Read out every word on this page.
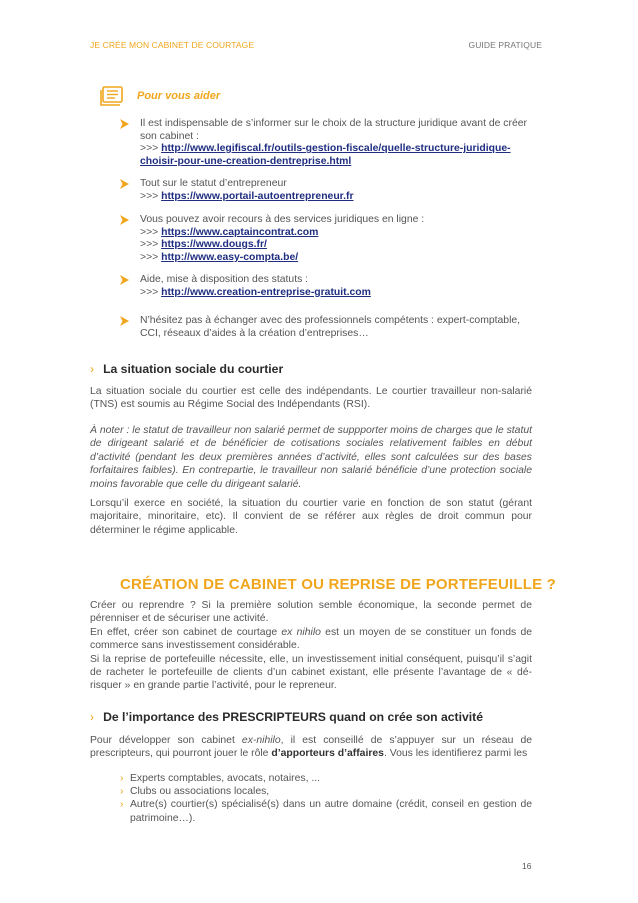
JE CRÉE MON CABINET DE COURTAGE	GUIDE PRATIQUE
Pour vous aider
Il est indispensable de s’informer sur le choix de la structure juridique avant de créer son cabinet :
>>> http://www.legifiscal.fr/outils-gestion-fiscale/quelle-structure-juridique-choisir-pour-une-creation-dentreprise.html
Tout sur le statut d’entrepreneur
>>> https://www.portail-autoentrepreneur.fr
Vous pouvez avoir recours à des services juridiques en ligne :
>>> https://www.captaincontrat.com
>>> https://www.dougs.fr/
>>> http://www.easy-compta.be/
Aide, mise à disposition des statuts :
>>> http://www.creation-entreprise-gratuit.com
N’hésitez pas à échanger avec des professionnels compétents : expert-comptable, CCI, réseaux d’aides à la création d’entreprises…
› La situation sociale du courtier
La situation sociale du courtier est celle des indépendants. Le courtier travailleur non-salarié (TNS) est soumis au Régime Social des Indépendants (RSI).
À noter : le statut de travailleur non salarié permet de suppporter moins de charges que le statut de dirigeant salarié et de bénéficier de cotisations sociales relativement faibles en début d’activité (pendant les deux premières années d’activité, elles sont calculées sur des bases forfaitaires faibles). En contrepartie, le travailleur non salarié bénéficie d’une protection sociale moins favorable que celle du dirigeant salarié.
Lorsqu’il exerce en société, la situation du courtier varie en fonction de son statut (gérant majoritaire, minoritaire, etc). Il convient de se référer aux règles de droit commun pour déterminer le régime applicable.
CRÉATION DE CABINET OU REPRISE DE PORTEFEUILLE ?
Créer ou reprendre ? Si la première solution semble économique, la seconde permet de pérenniser et de sécuriser une activité.
En effet, créer son cabinet de courtage ex nihilo est un moyen de se constituer un fonds de commerce sans investissement considérable.
Si la reprise de portefeuille nécessite, elle, un investissement initial conséquent, puisqu’il s’agit de racheter le portefeuille de clients d’un cabinet existant, elle présente l’avantage de « dé-risquer » en grande partie l’activité, pour le repreneur.
› De l’importance des PRESCRIPTEURS quand on crée son activité
Pour développer son cabinet ex-nihilo, il est conseillé de s’appuyer sur un réseau de prescripteurs, qui pourront jouer le rôle d’apporteurs d’affaires. Vous les identifierez parmi les
› Experts comptables, avocats, notaires, ...
› Clubs ou associations locales,
› Autre(s) courtier(s) spécialisé(s) dans un autre domaine (crédit, conseil en gestion de patrimoine…).
16
